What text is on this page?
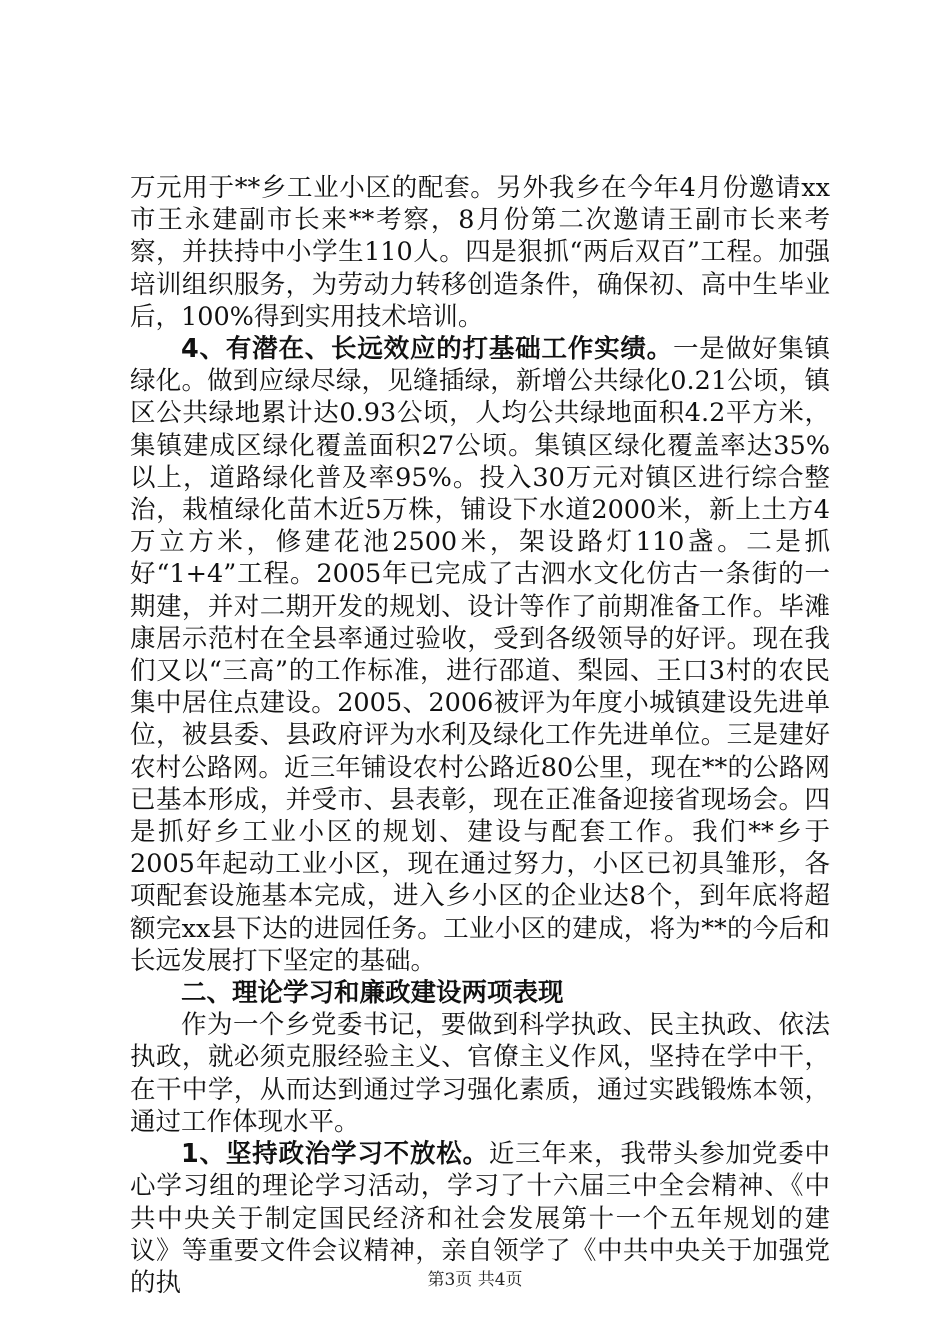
万元用于**乡工业小区的配套。另外我乡在今年4月份邀请xx市王永建副市长来**考察，8月份第二次邀请王副市长来考察，并扶持中小学生110人。四是狠抓“两后双百”工程。加强培训组织服务，为劳动力转移创造条件，确保初、高中生毕业后，100%得到实用技术培训。

4、有潜在、长远效应的打基础工作实绩。一是做好集镇绿化。做到应绿尽绿，见缝插绿，新增公共绿化0.21公顷，镇区公共绿地累计达0.93公顷，人均公共绿地面积4.2平方米，集镇建成区绿化覆盖面积27公顷。集镇区绿化覆盖率达35%以上，道路绿化普及率95%。投入30万元对镇区进行综合整治，栽植绿化苗木近5万株，铺设下水道2000米，新上土方4万立方米，修建花池2500米，架设路灯110盏。二是抓好“1+4”工程。2005年已完成了古泗水文化仿古一条街的一期建，并对二期开发的规划、设计等作了前期准备工作。毕滩康居示范村在全县率通过验收，受到各级领导的好评。现在我们又以“三高”的工作标准，进行邵道、梨园、王口3村的农民集中居住点建设。2005、2006被评为年度小城镇建设先进单位，被县委、县政府评为水利及绿化工作先进单位。三是建好农村公路网。近三年铺设农村公路近80公里，现在**的公路网已基本形成，并受市、县表彰，现在正准备迎接省现场会。四是抓好乡工业小区的规划、建设与配套工作。我们**乡于2005年起动工业小区，现在通过努力，小区已初具雏形，各项配套设施基本完成，进入乡小区的企业达8个，到年底将超额完xx县下达的进园任务。工业小区的建成，将为**的今后和长远发展打下坚定的基础。

二、理论学习和廉政建设两项表现

作为一个乡党委书记，要做到科学执政、民主执政、依法执政，就必须克服经验主义、官僚主义作风，坚持在学中干，在干中学，从而达到通过学习强化素质，通过实践锻炼本领，通过工作体现水平。

1、坚持政治学习不放松。近三年来，我带头参加党委中心学习组的理论学习活动，学习了十六届三中全会精神、《中共中央关于制定国民经济和社会发展第十一个五年规划的建议》等重要文件会议精神，亲自领学了《中共中央关于加强党的执	第3页 共4页
